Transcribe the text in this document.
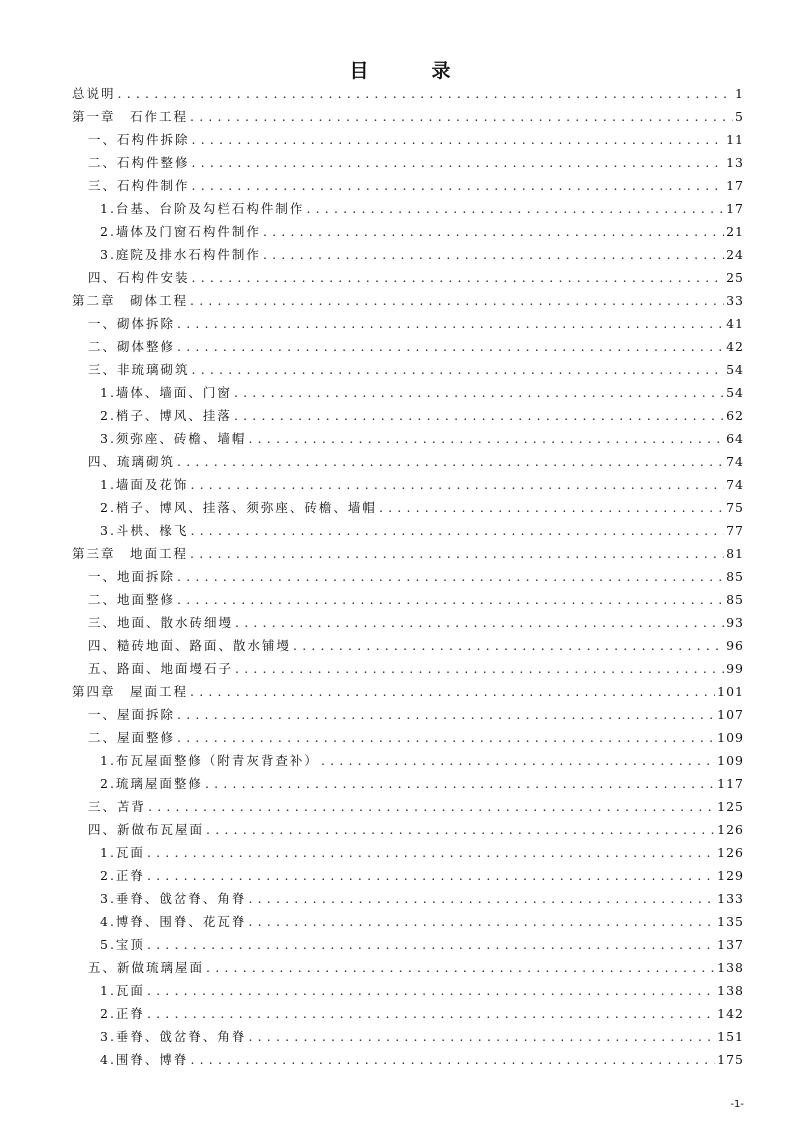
目　录
总说明 .....	1
第一章　石作工程 .....	5
一、石构件拆除 .....	11
二、石构件整修 .....	13
三、石构件制作 .....	17
1.台基、台阶及勾栏石构件制作 .....	17
2.墙体及门窗石构件制作 .....	21
3.庭院及排水石构件制作 .....	24
四、石构件安装 .....	25
第二章　砌体工程 .....	33
一、砌体拆除 .....	41
二、砌体整修 .....	42
三、非琉璃砌筑 .....	54
1.墙体、墙面、门窗 .....	54
2.梢子、博风、挂落 .....	62
3.须弥座、砖檐、墙帽 .....	64
四、琉璃砌筑 .....	74
1.墙面及花饰 .....	74
2.梢子、博风、挂落、须弥座、砖檐、墙帽 .....	75
3.斗栱、椽飞 .....	77
第三章　地面工程 .....	81
一、地面拆除 .....	85
二、地面整修 .....	85
三、地面、散水砖细墁 .....	93
四、糙砖地面、路面、散水铺墁 .....	96
五、路面、地面墁石子 .....	99
第四章　屋面工程 .....	101
一、屋面拆除 .....	107
二、屋面整修 .....	109
1.布瓦屋面整修（附青灰背查补） .....	109
2.琉璃屋面整修 .....	117
三、苫背 .....	125
四、新做布瓦屋面 .....	126
1.瓦面 .....	126
2.正脊 .....	129
3.垂脊、戗岔脊、角脊 .....	133
4.博脊、围脊、花瓦脊 .....	135
5.宝顶 .....	137
五、新做琉璃屋面 .....	138
1.瓦面 .....	138
2.正脊 .....	142
3.垂脊、戗岔脊、角脊 .....	151
4.围脊、博脊 .....	175
-1-
